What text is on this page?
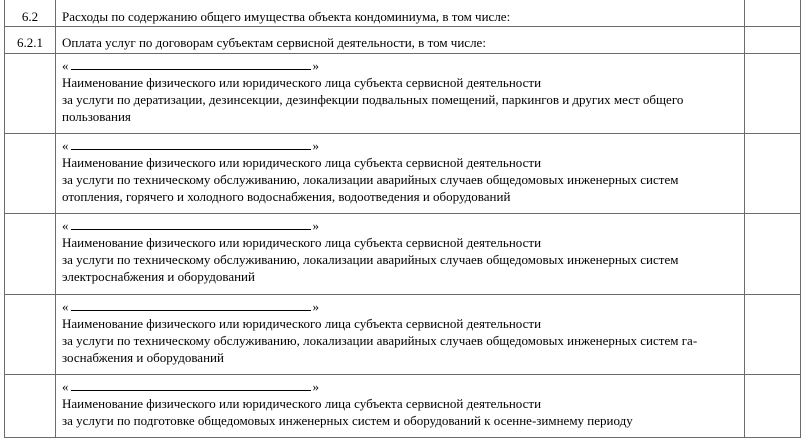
6.2	Расходы по содержанию общего имущества объекта кондоминиума, в том числе:	
6.2.1	Оплата услуг по договорам субъектам сервисной деятельности, в том числе:	

	« »
Наименование физического или юридического лица субъекта сервисной деятельности
за услуги по дератизации, дезинсекции, дезинфекции подвальных помещений, паркингов и других мест общего
пользования	

	« »
Наименование физического или юридического лица субъекта сервисной деятельности
за услуги по техническому обслуживанию, локализации аварийных случаев общедомовых инженерных систем
отопления, горячего и холодного водоснабжения, водоотведения и оборудований	

	« »
Наименование физического или юридического лица субъекта сервисной деятельности
за услуги по техническому обслуживанию, локализации аварийных случаев общедомовых инженерных систем
электроснабжения и оборудований	

	« »
Наименование физического или юридического лица субъекта сервисной деятельности
за услуги по техническому обслуживанию, локализации аварийных случаев общедомовых инженерных систем га-
зоснабжения и оборудований	

	« »
Наименование физического или юридического лица субъекта сервисной деятельности
за услуги по подготовке общедомовых инженерных систем и оборудований к осенне-зимнему периоду	
